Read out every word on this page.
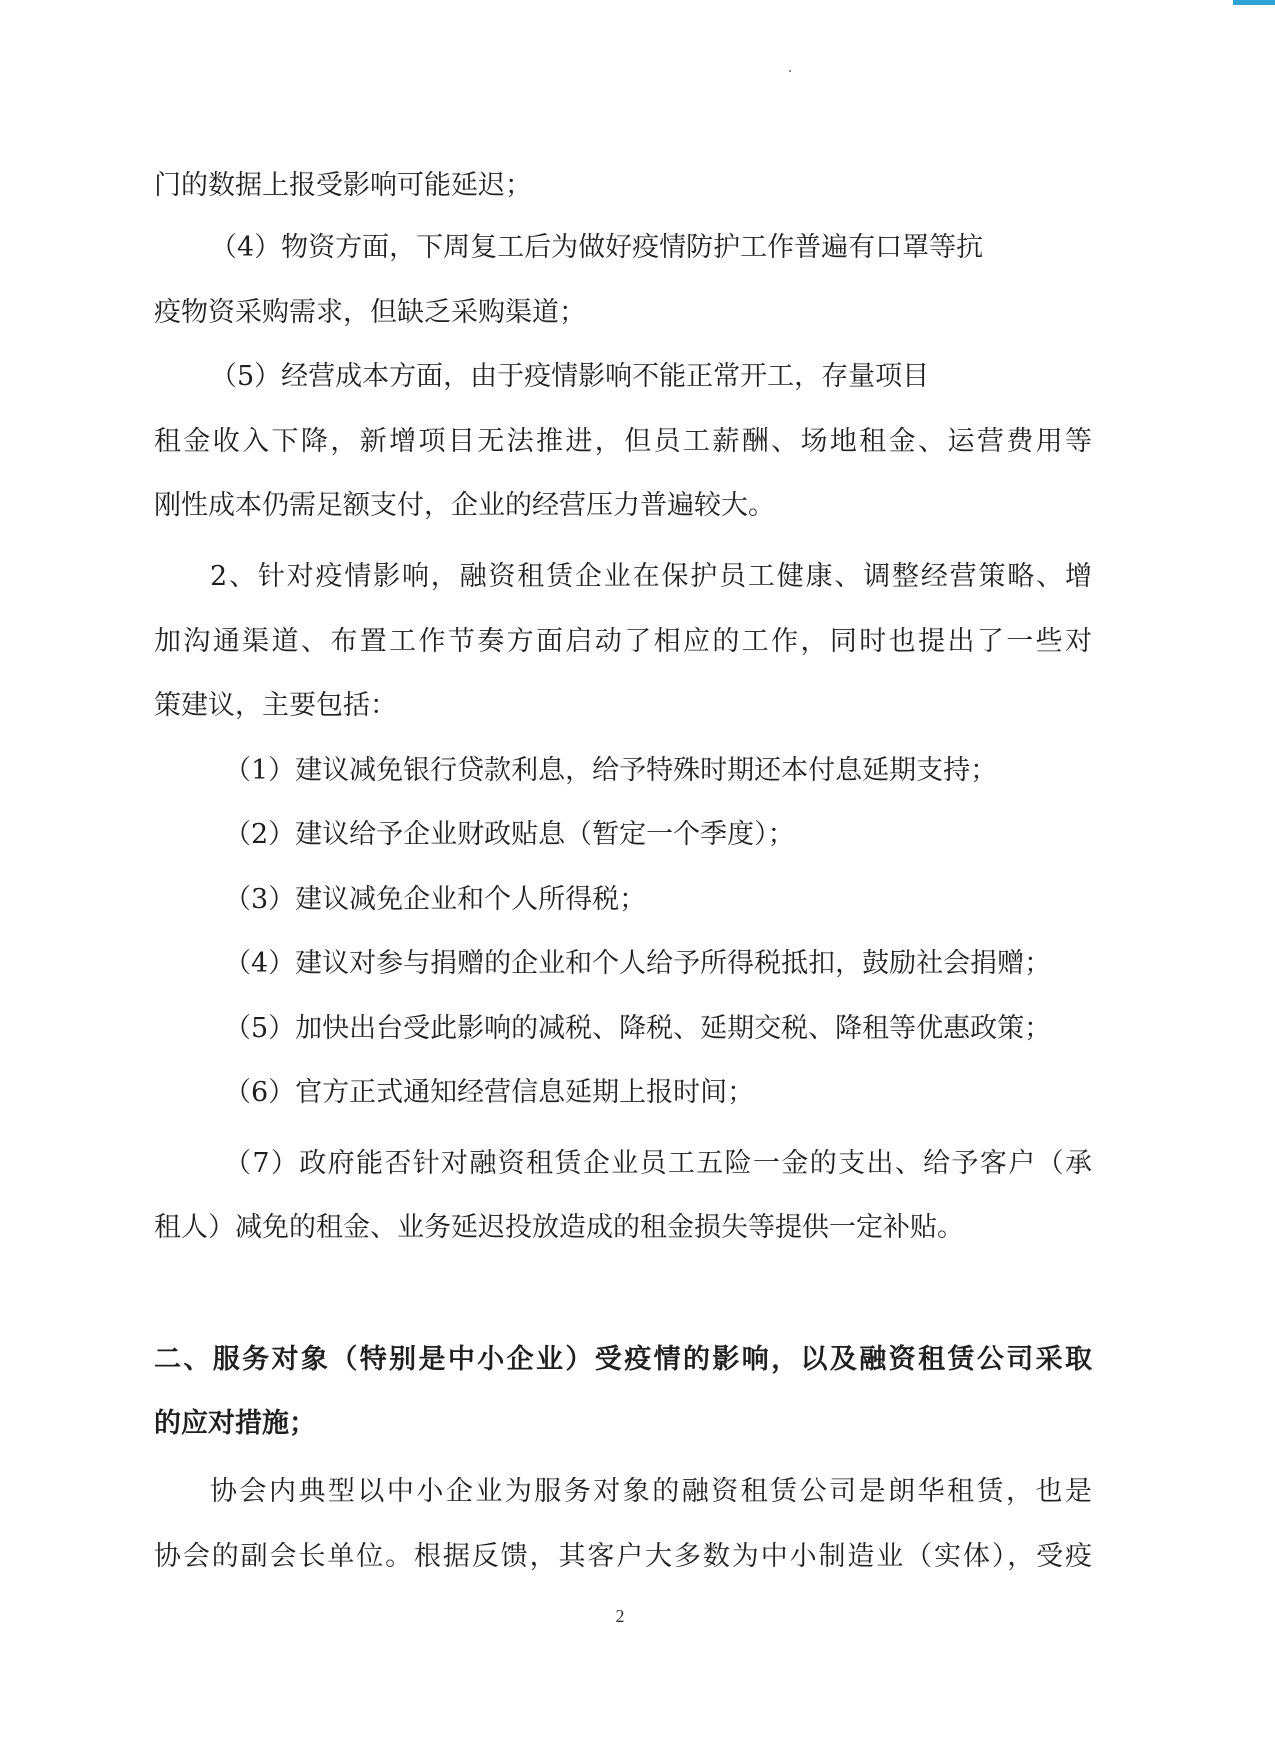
门的数据上报受影响可能延迟；
（4）物资方面，下周复工后为做好疫情防护工作普遍有口罩等抗
疫物资采购需求，但缺乏采购渠道；
（5）经营成本方面，由于疫情影响不能正常开工，存量项目
租金收入下降，新增项目无法推进，但员工薪酬、场地租金、运营费用等
刚性成本仍需足额支付，企业的经营压力普遍较大。
2、针对疫情影响，融资租赁企业在保护员工健康、调整经营策略、增
加沟通渠道、布置工作节奏方面启动了相应的工作，同时也提出了一些对
策建议，主要包括：
（1）建议减免银行贷款利息，给予特殊时期还本付息延期支持；
（2）建议给予企业财政贴息（暂定一个季度）；
（3）建议减免企业和个人所得税；
（4）建议对参与捐赠的企业和个人给予所得税抵扣，鼓励社会捐赠；
（5）加快出台受此影响的减税、降税、延期交税、降租等优惠政策；
（6）官方正式通知经营信息延期上报时间；
（7）政府能否针对融资租赁企业员工五险一金的支出、给予客户（承
租人）减免的租金、业务延迟投放造成的租金损失等提供一定补贴。
二、服务对象（特别是中小企业）受疫情的影响，以及融资租赁公司采取
的应对措施；
协会内典型以中小企业为服务对象的融资租赁公司是朗华租赁，也是
协会的副会长单位。根据反馈，其客户大多数为中小制造业（实体），受疫
2
